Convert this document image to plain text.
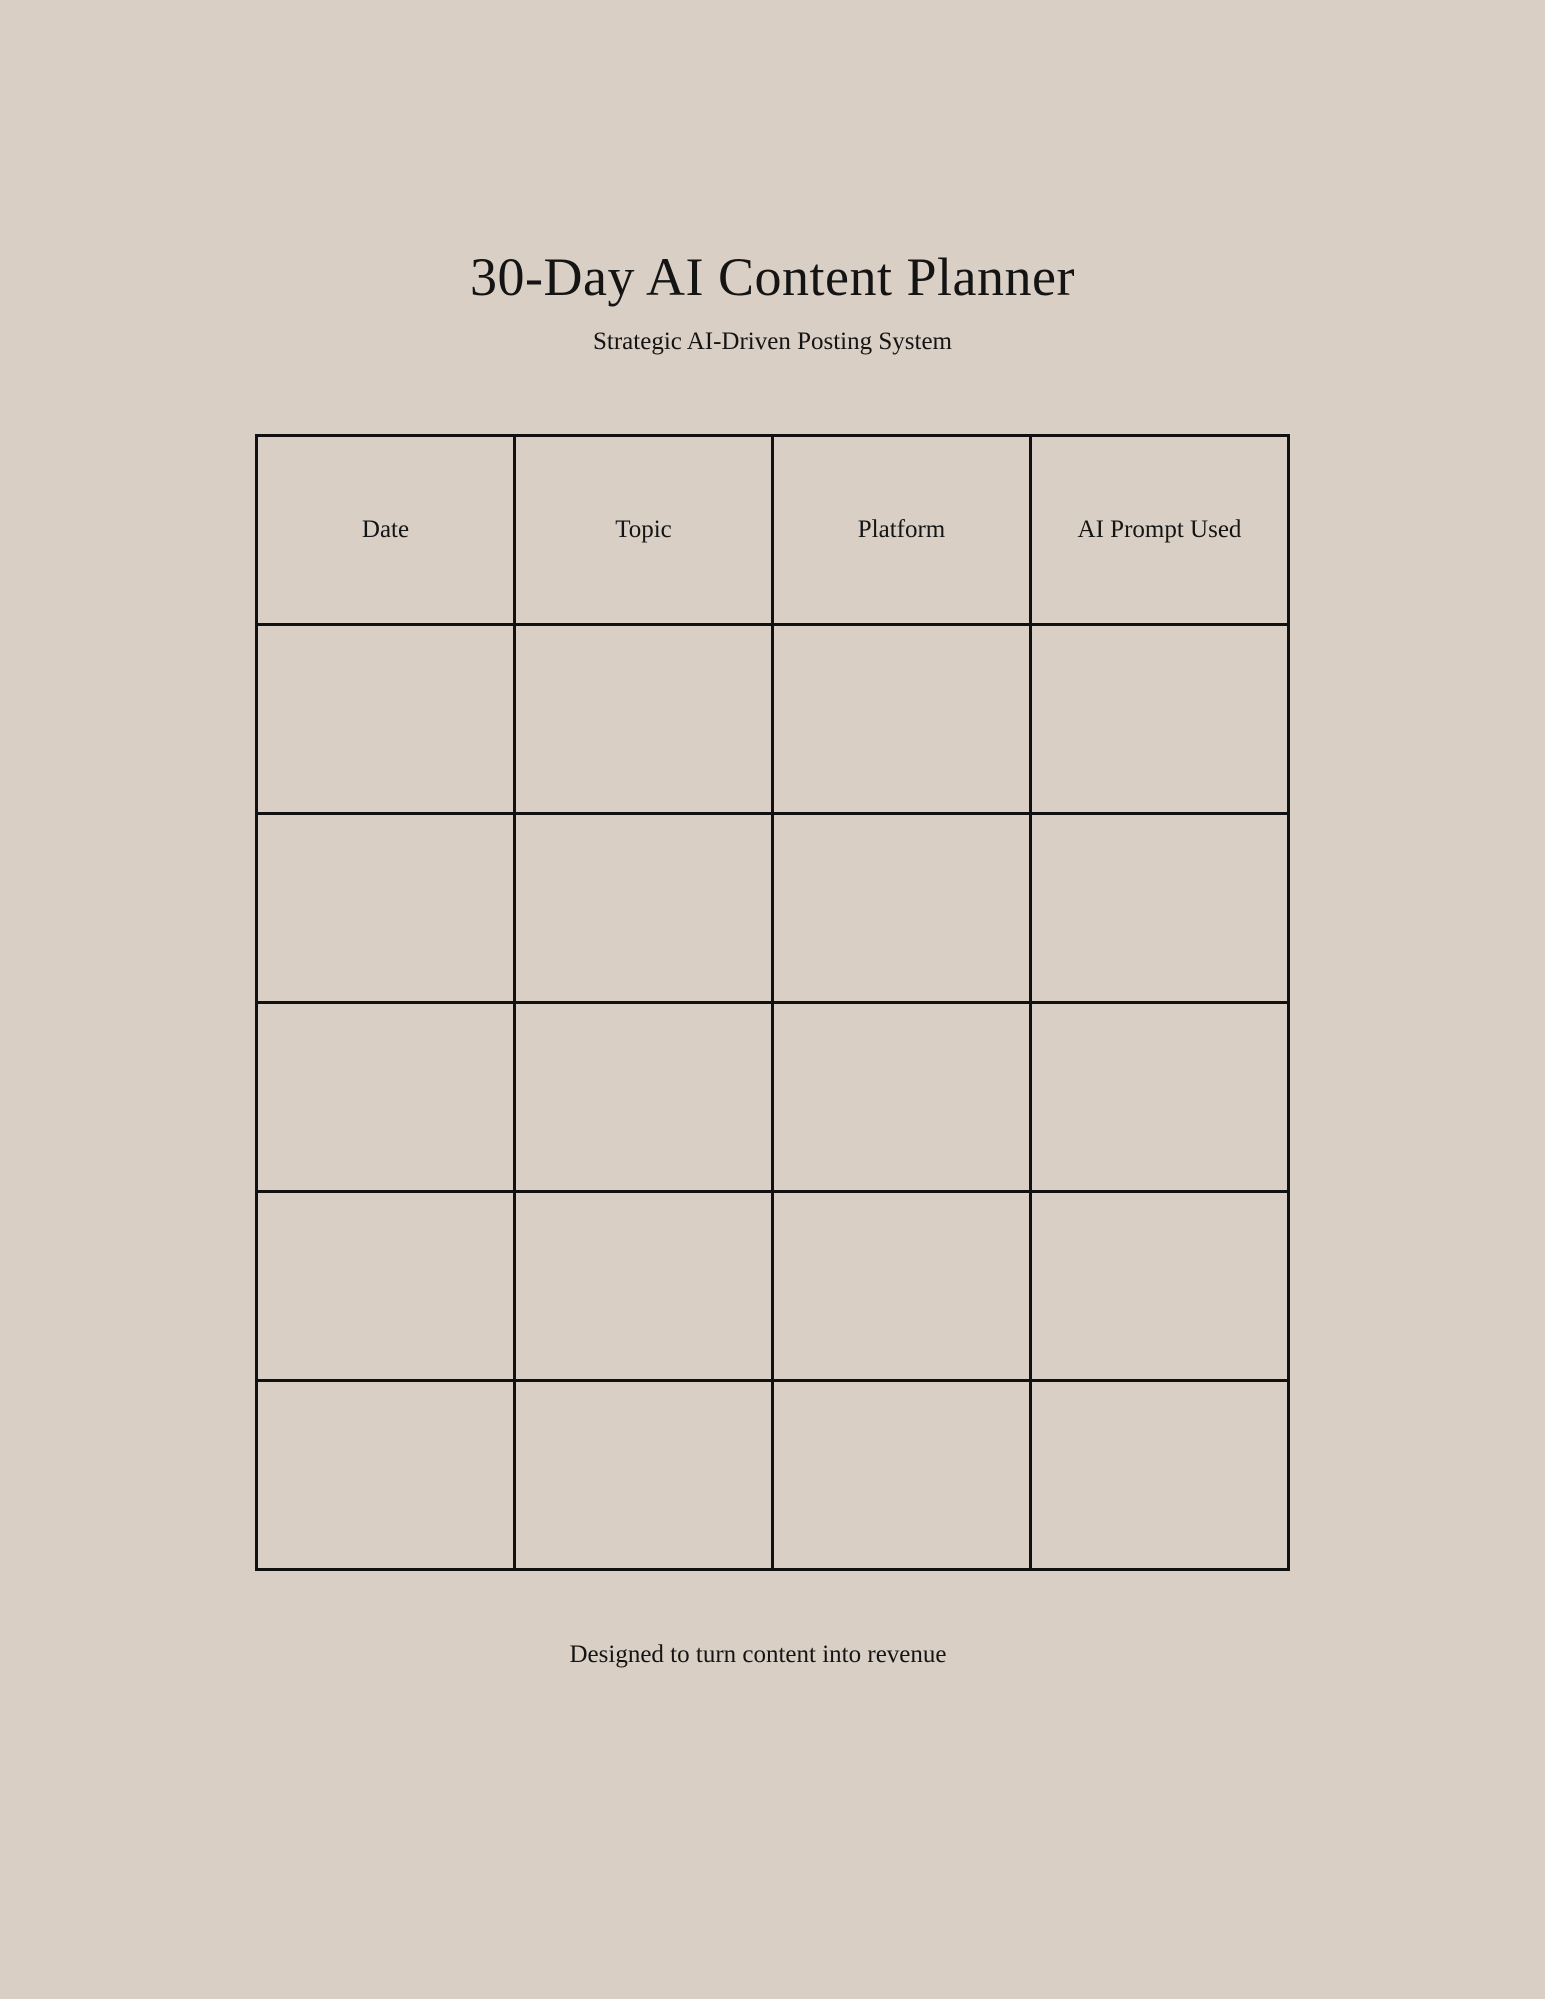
30-Day AI Content Planner

Strategic AI-Driven Posting System

Date	Topic	Platform	AI Prompt Used

Designed to turn content into revenue
